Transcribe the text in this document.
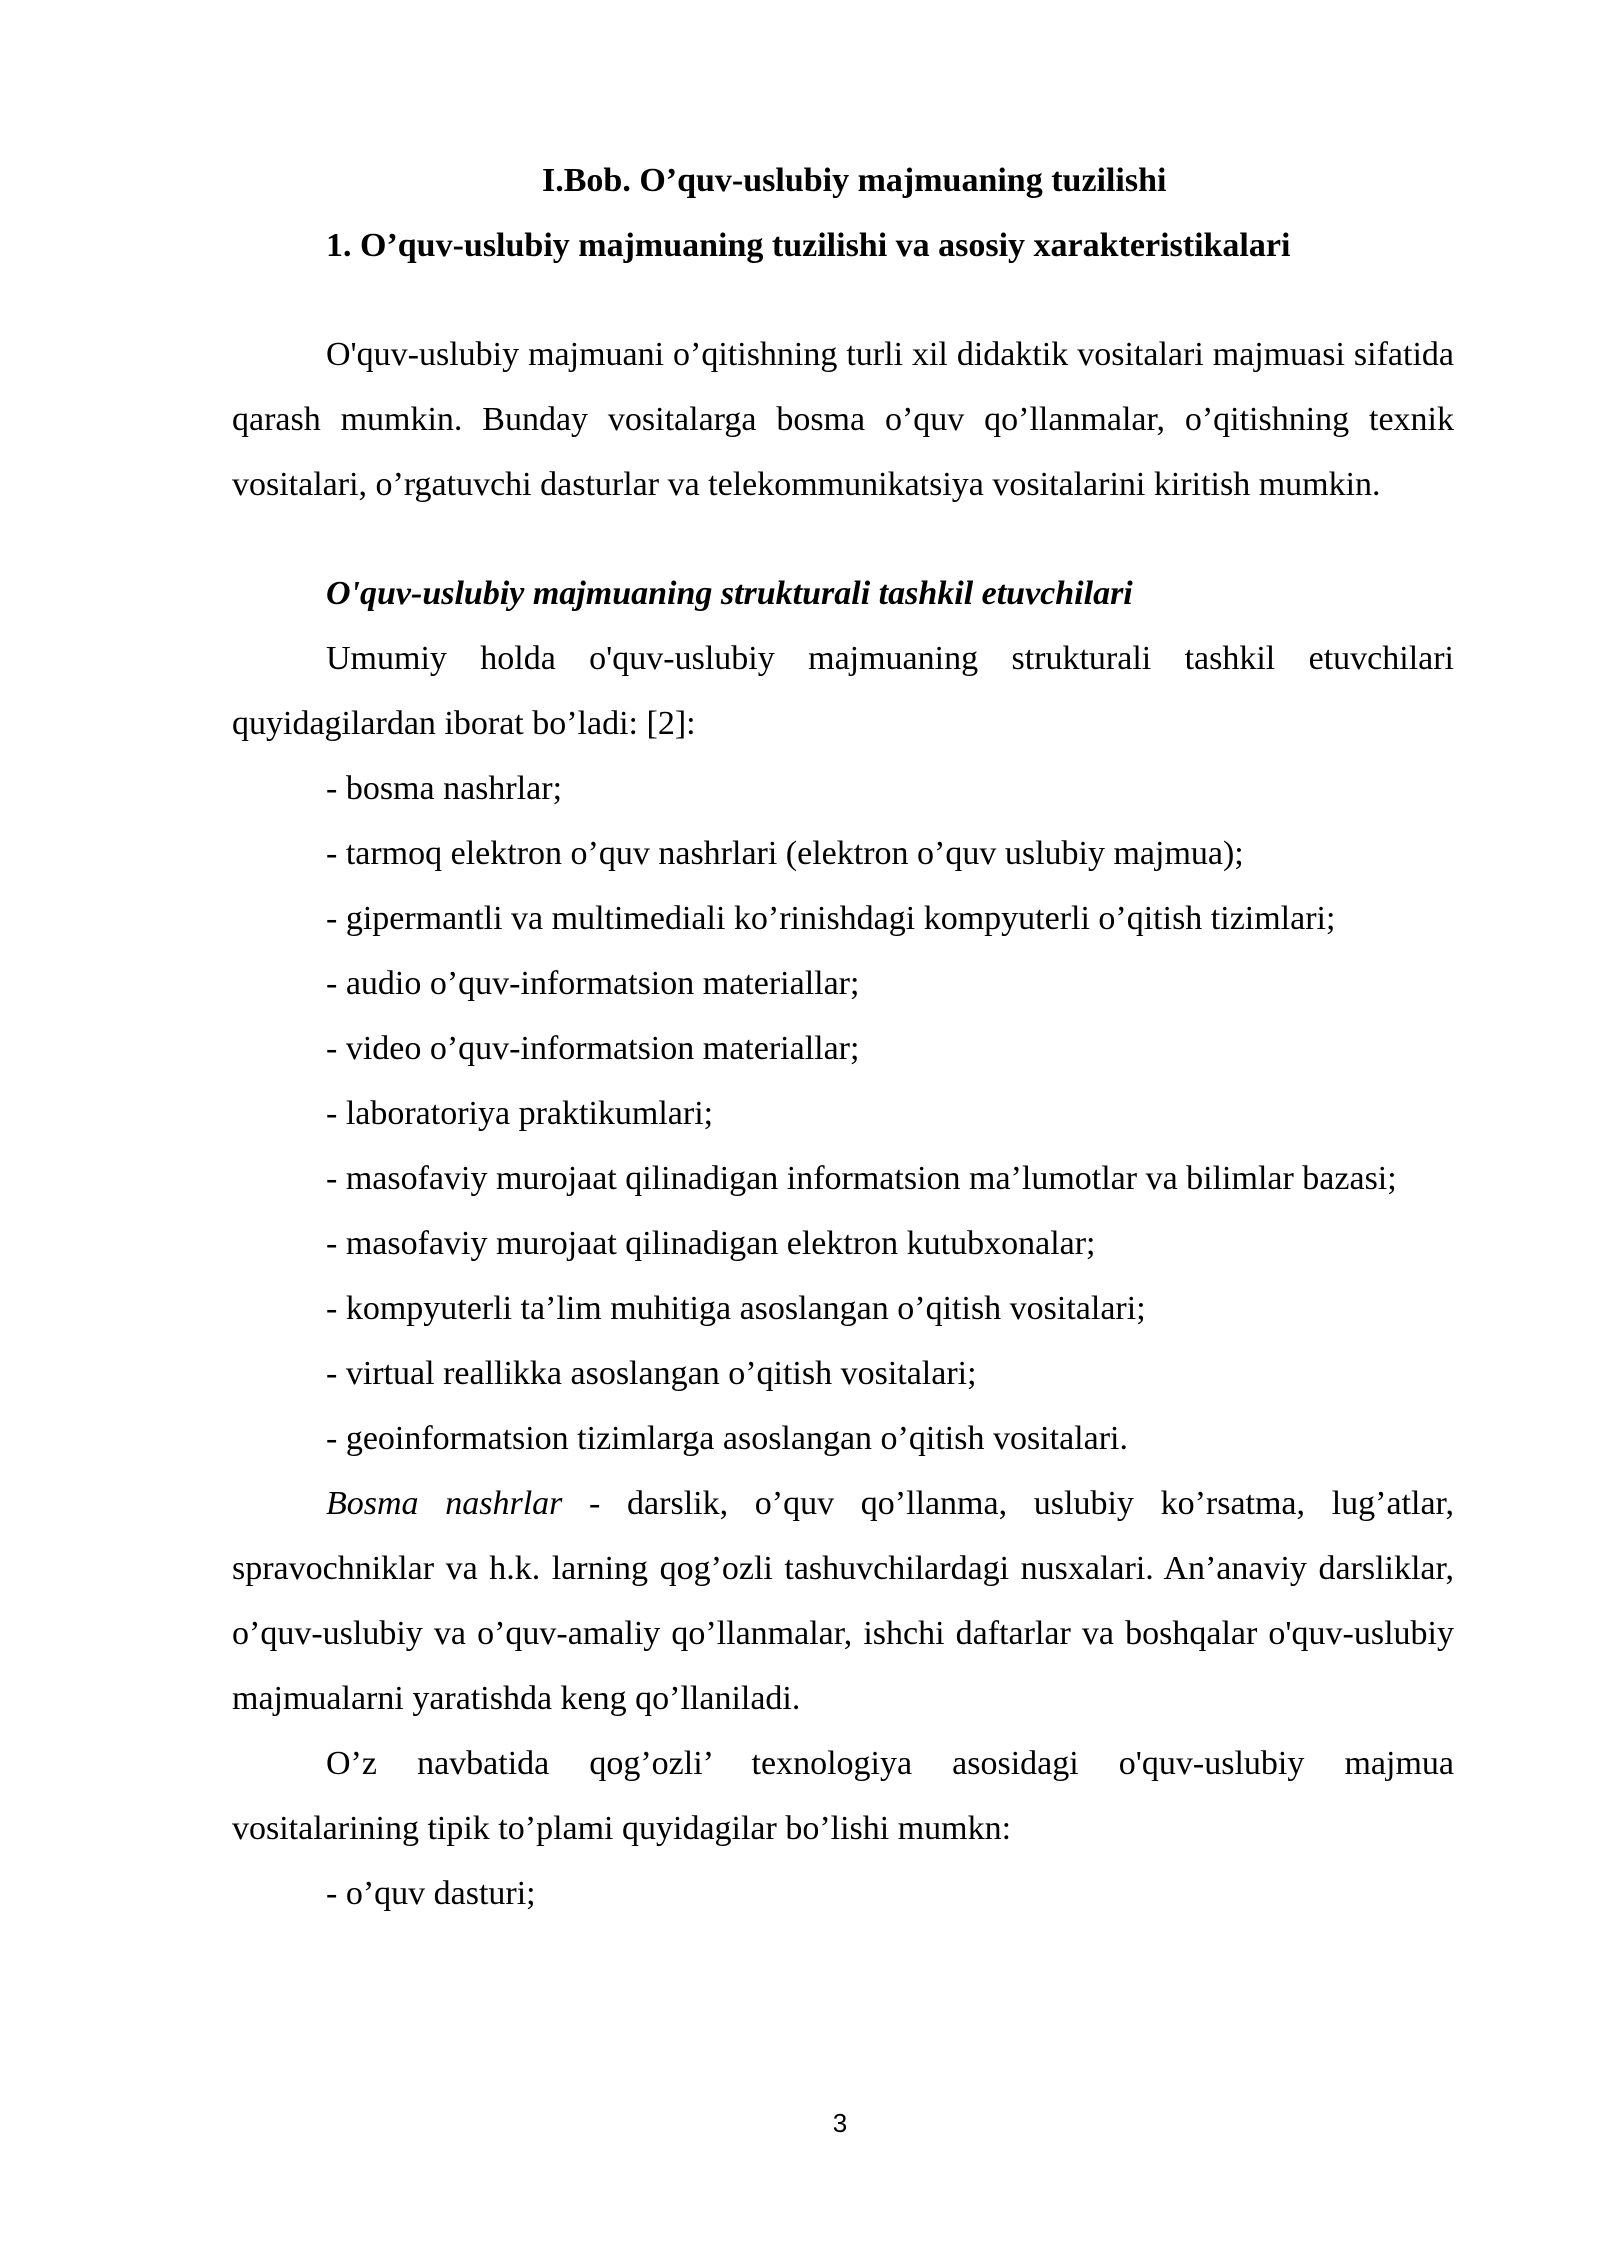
I.Bob. O’quv-uslubiy majmuaning tuzilishi

1. O’quv-uslubiy majmuaning tuzilishi va asosiy xarakteristikalari

O'quv-uslubiy majmuani o’qitishning turli xil didaktik vositalari majmuasi sifatida qarash mumkin. Bunday vositalarga bosma o’quv qo’llanmalar, o’qitishning texnik vositalari, o’rgatuvchi dasturlar va telekommunikatsiya vositalarini kiritish mumkin.

O'quv-uslubiy majmuaning strukturali tashkil etuvchilari

Umumiy holda o'quv-uslubiy majmuaning strukturali tashkil etuvchilari quyidagilardan iborat bo’ladi: [2]:

- bosma nashrlar;

- tarmoq elektron o’quv nashrlari (elektron o’quv uslubiy majmua);

- gipermantli va multimediali ko’rinishdagi kompyuterli o’qitish tizimlari;

- audio o’quv-informatsion materiallar;

- video o’quv-informatsion materiallar;

- laboratoriya praktikumlari;

- masofaviy murojaat qilinadigan informatsion ma’lumotlar va bilimlar bazasi;

- masofaviy murojaat qilinadigan elektron kutubxonalar;

- kompyuterli ta’lim muhitiga asoslangan o’qitish vositalari;

- virtual reallikka asoslangan o’qitish vositalari;

- geoinformatsion tizimlarga asoslangan o’qitish vositalari.

Bosma nashrlar - darslik, o’quv qo’llanma, uslubiy ko’rsatma, lug’atlar, spravochniklar va h.k. larning qog’ozli tashuvchilardagi nusxalari. An’anaviy darsliklar, o’quv-uslubiy va o’quv-amaliy qo’llanmalar, ishchi daftarlar va boshqalar o'quv-uslubiy majmualarni yaratishda keng qo’llaniladi.

O’z navbatida qog’ozli’ texnologiya asosidagi o'quv-uslubiy majmua vositalarining tipik to’plami quyidagilar bo’lishi mumkn:

- o’quv dasturi;

3
